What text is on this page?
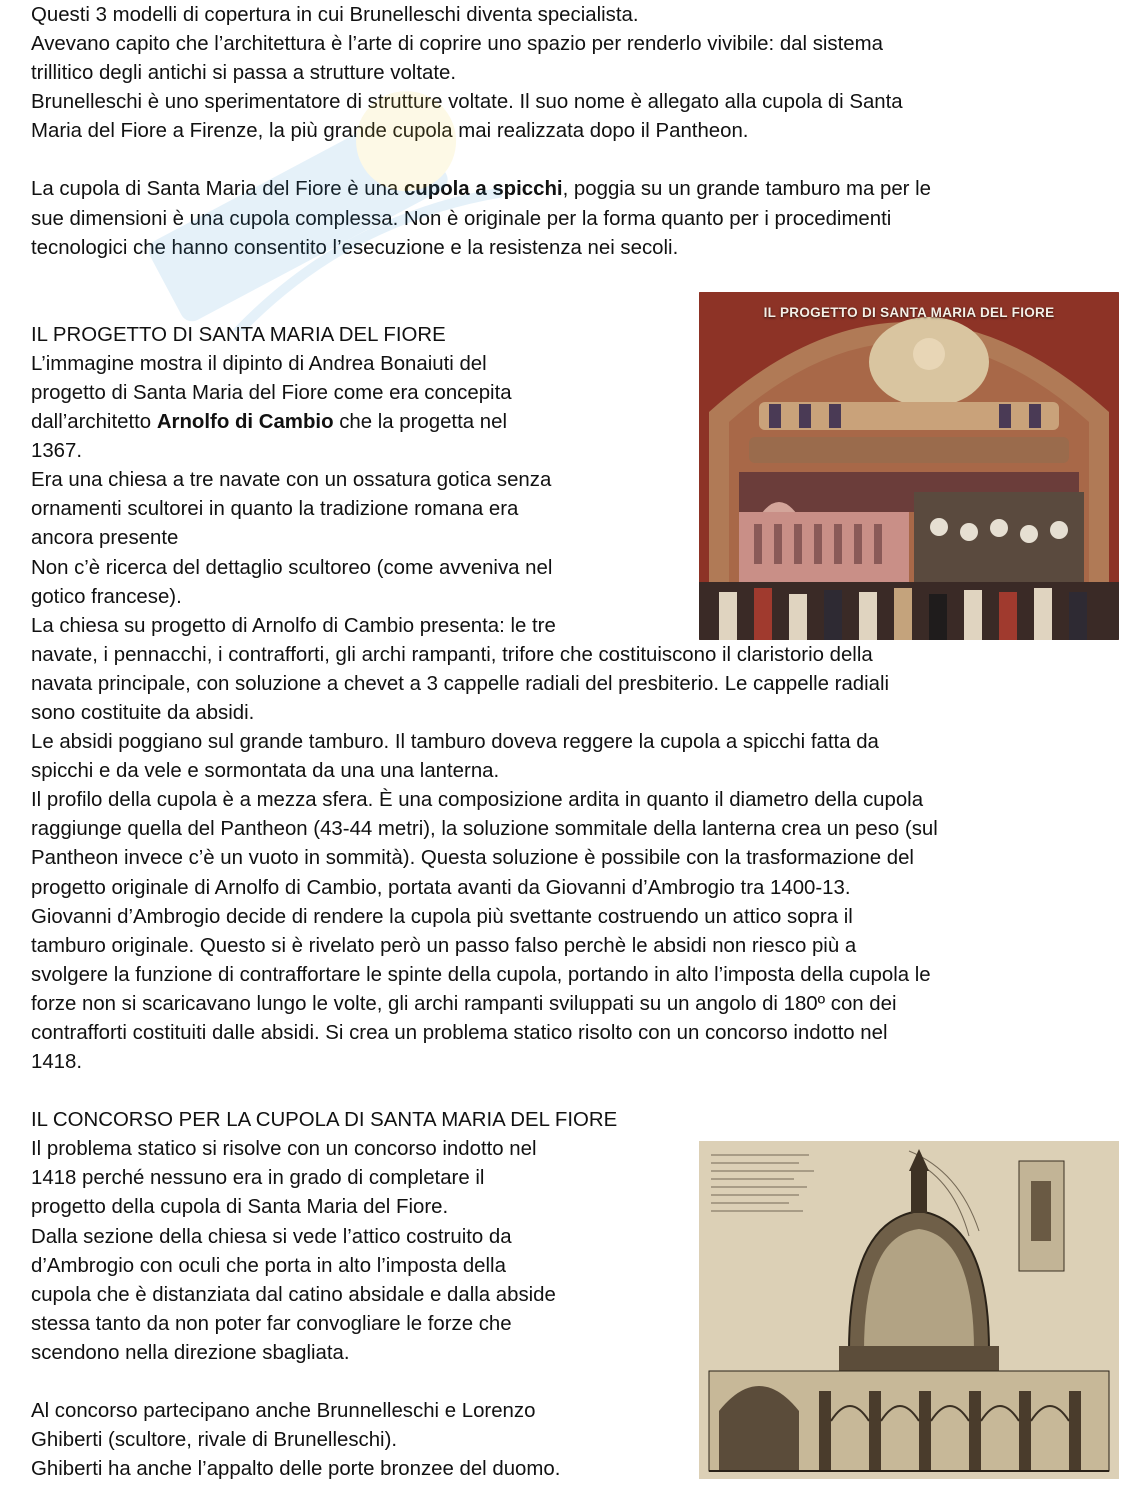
Questi 3 modelli di copertura in cui Brunelleschi diventa specialista.

Avevano capito che l’architettura è l’arte di coprire uno spazio per renderlo vivibile: dal sistema

trillitico degli antichi si passa a strutture voltate.

Brunelleschi è uno sperimentatore di strutture voltate. Il suo nome è allegato alla cupola di Santa

Maria del Fiore a Firenze, la più grande cupola mai realizzata dopo il Pantheon.

La cupola di Santa Maria del Fiore è una cupola a spicchi, poggia su un grande tamburo ma per le

sue dimensioni è una cupola complessa. Non è originale per la forma quanto per i procedimenti

tecnologici che hanno consentito l’esecuzione e la resistenza nei secoli.

IL PROGETTO DI SANTA MARIA DEL FIORE

IL PROGETTO DI SANTA MARIA DEL FIORE

L’immagine mostra il dipinto di Andrea Bonaiuti del

progetto di Santa Maria del Fiore come era concepita

dall’architetto Arnolfo di Cambio che la progetta nel

1367.

Era una chiesa a tre navate con un ossatura gotica senza

ornamenti scultorei in quanto la tradizione romana era

ancora presente

Non c’è ricerca del dettaglio scultoreo (come avveniva nel

gotico francese).

La chiesa su progetto di Arnolfo di Cambio presenta: le tre

navate, i pennacchi, i contrafforti, gli archi rampanti, trifore che costituiscono il claristorio della

navata principale, con soluzione a chevet a 3 cappelle radiali del presbiterio. Le cappelle radiali

sono costituite da absidi.

Le absidi poggiano sul grande tamburo. Il tamburo doveva reggere la cupola a spicchi fatta da

spicchi e da vele e sormontata da una una lanterna.

Il profilo della cupola è a mezza sfera. È una composizione ardita in quanto il diametro della cupola

raggiunge quella del Pantheon (43-44 metri), la soluzione sommitale della lanterna crea un peso (sul

Pantheon invece c’è un vuoto in sommità). Questa soluzione è possibile con la trasformazione del

progetto originale di Arnolfo di Cambio, portata avanti da Giovanni d’Ambrogio tra 1400-13.

Giovanni d’Ambrogio decide di rendere la cupola più svettante costruendo un attico sopra il

tamburo originale. Questo si è rivelato però un passo falso perchè le absidi non riesco più a

svolgere la funzione di contraffortare le spinte della cupola, portando in alto l’imposta della cupola le

forze non si scaricavano lungo le volte, gli archi rampanti sviluppati su un angolo di 180º con dei

contrafforti costituiti dalle absidi. Si crea un problema statico risolto con un concorso indotto nel

1418.

IL CONCORSO PER LA CUPOLA DI SANTA MARIA DEL FIORE

Il problema statico si risolve con un concorso indotto nel

1418 perché nessuno era in grado di completare il

progetto della cupola di Santa Maria del Fiore.

Dalla sezione della chiesa si vede l’attico costruito da

d’Ambrogio con oculi che porta in alto l’imposta della

cupola che è distanziata dal catino absidale e dalla abside

stessa tanto da non poter far convogliare le forze che

scendono nella direzione sbagliata.

Al concorso partecipano anche Brunnelleschi e Lorenzo

Ghiberti (scultore, rivale di Brunelleschi).

Ghiberti ha anche l’appalto delle porte bronzee del duomo.
